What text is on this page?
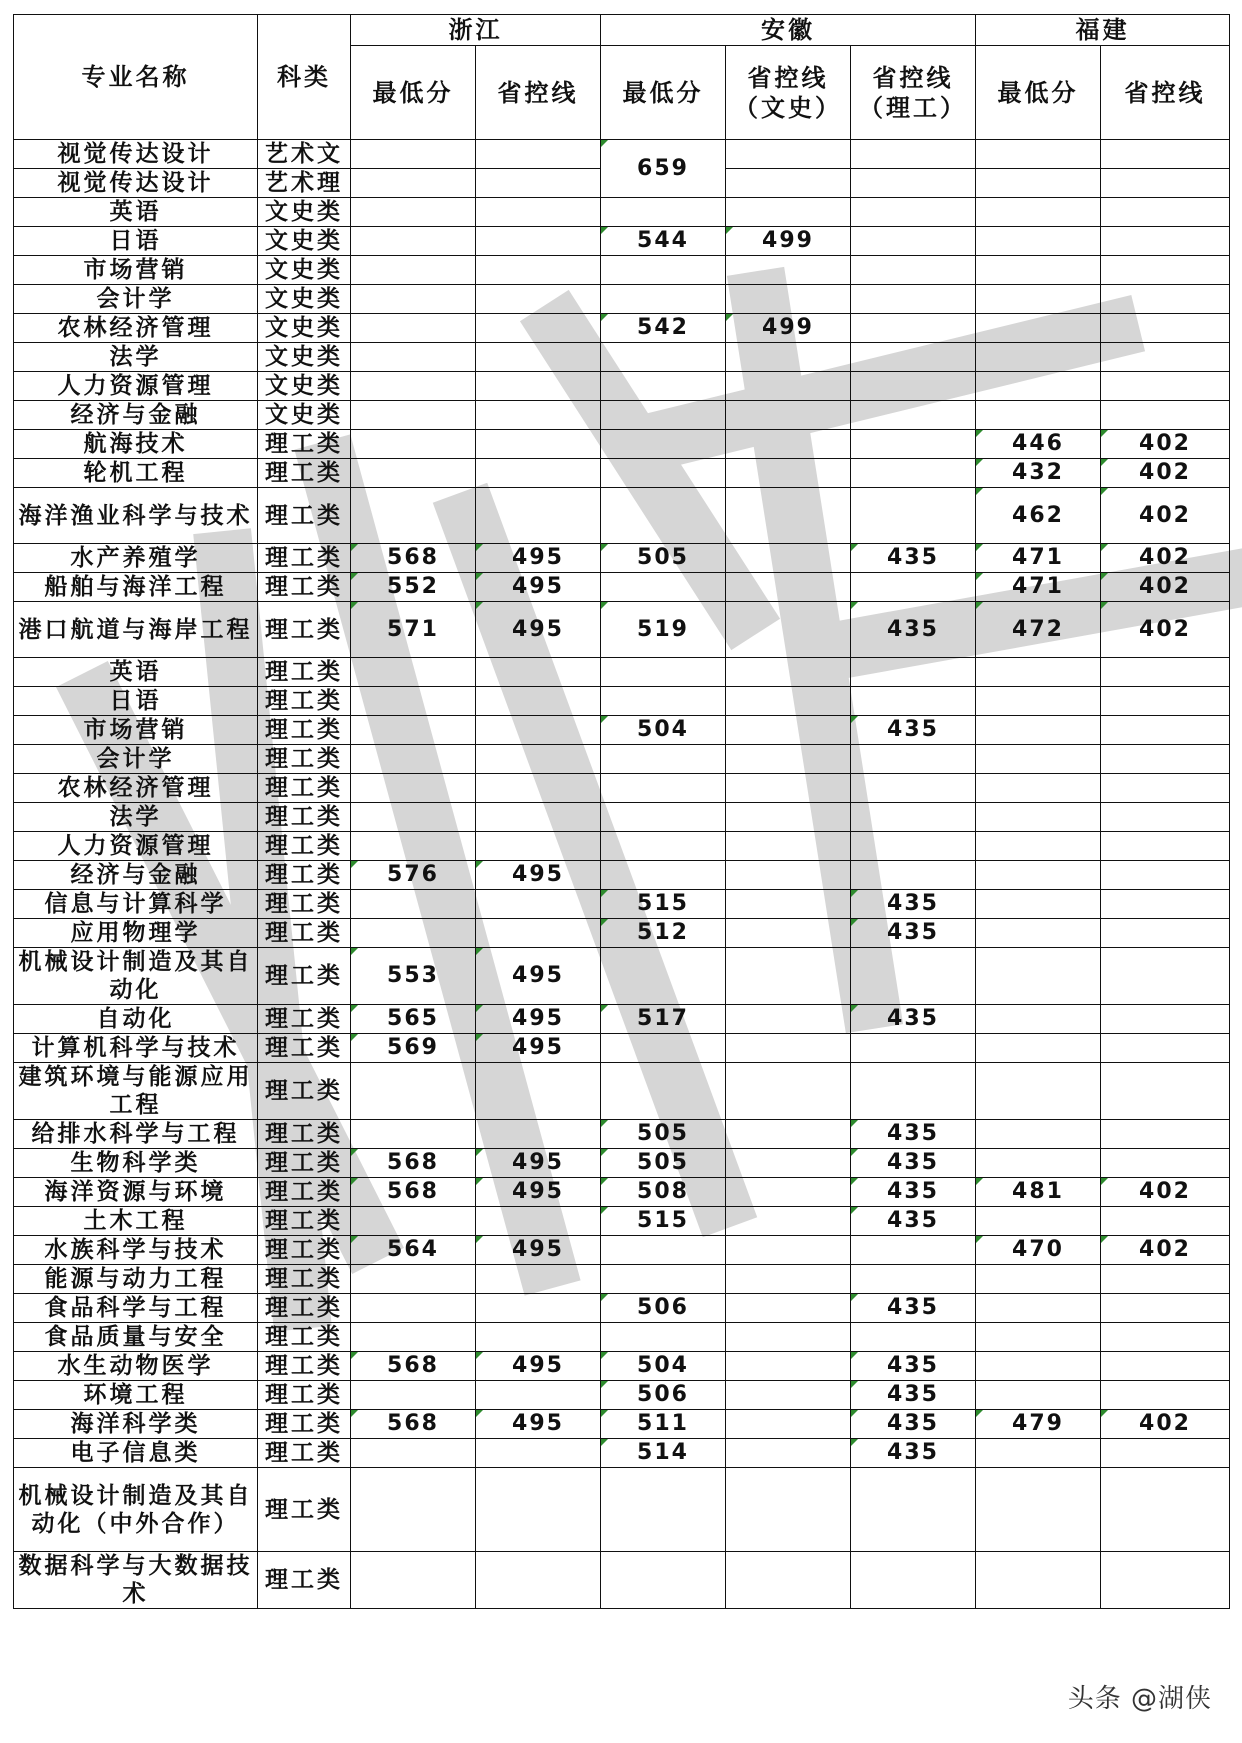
专业名称	科类	浙江		安徽			福建	
		最低分	省控线	最低分	省控线（文史）	省控线（理工）	最低分	省控线
视觉传达设计	艺术文			659				
视觉传达设计	艺术理							
英语	文史类							
日语	文史类			544	499			
市场营销	文史类							
会计学	文史类							
农林经济管理	文史类			542	499			
法学	文史类							
人力资源管理	文史类							
经济与金融	文史类							
航海技术	理工类						446	402
轮机工程	理工类						432	402
海洋渔业科学与技术	理工类						462	402
水产养殖学	理工类	568	495	505		435	471	402
船舶与海洋工程	理工类	552	495				471	402
港口航道与海岸工程	理工类	571	495	519		435	472	402
英语	理工类							
日语	理工类							
市场营销	理工类			504		435		
会计学	理工类							
农林经济管理	理工类							
法学	理工类							
人力资源管理	理工类							
经济与金融	理工类	576	495					
信息与计算科学	理工类			515		435		
应用物理学	理工类			512		435		
机械设计制造及其自动化	理工类	553	495					
自动化	理工类	565	495	517		435		
计算机科学与技术	理工类	569	495					
建筑环境与能源应用工程	理工类							
给排水科学与工程	理工类			505		435		
生物科学类	理工类	568	495	505		435		
海洋资源与环境	理工类	568	495	508		435	481	402
土木工程	理工类			515		435		
水族科学与技术	理工类	564	495				470	402
能源与动力工程	理工类							
食品科学与工程	理工类			506		435		
食品质量与安全	理工类							
水生动物医学	理工类	568	495	504		435		
环境工程	理工类			506		435		
海洋科学类	理工类	568	495	511		435	479	402
电子信息类	理工类			514		435		
机械设计制造及其自动化（中外合作）	理工类							
数据科学与大数据技术	理工类							
头条 @湖侠
